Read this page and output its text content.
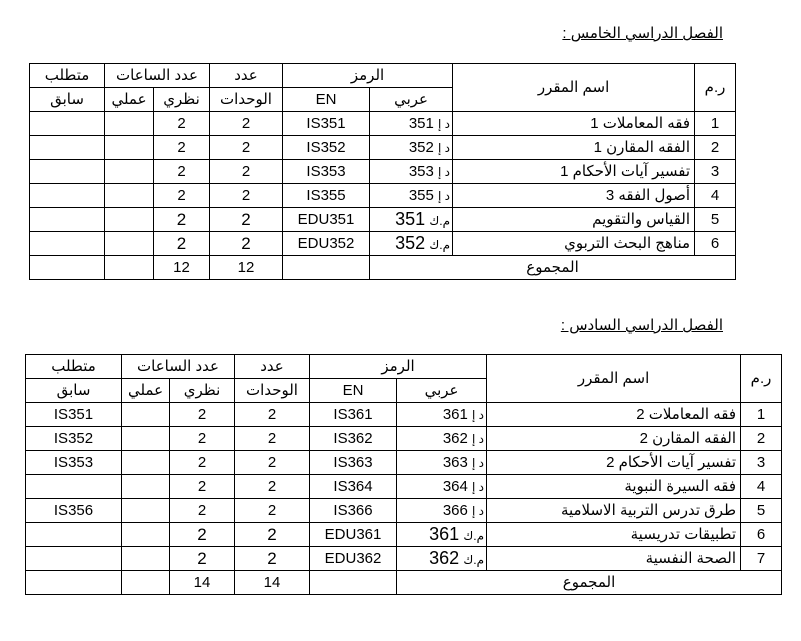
الفصل الدراسي الخامس :
ر.م	اسم المقرر	الرمز		عدد	عدد الساعات		متطلب
		عربي	EN	الوحدات	نظري	عملي	سابق
1	فقه المعاملات 1	د إ 351	IS351	2	2		
2	الفقه المقارن 1	د إ 352	IS352	2	2		
3	تفسير آيات الأحكام 1	د إ 353	IS353	2	2		
4	أصول الفقه 3	د إ 355	IS355	2	2		
5	القياس والتقويم	م.ك 351	EDU351	2	2		
6	مناهج البحث التربوي	م.ك 352	EDU352	2	2		
المجموع				12	12		
الفصل الدراسي السادس :
ر.م	اسم المقرر	الرمز		عدد	عدد الساعات		متطلب
		عربي	EN	الوحدات	نظري	عملي	سابق
1	فقه المعاملات 2	د إ 361	IS361	2	2		IS351
2	الفقه المقارن 2	د إ 362	IS362	2	2		IS352
3	تفسير آيات الأحكام 2	د إ 363	IS363	2	2		IS353
4	فقه السيرة النبوية	د إ 364	IS364	2	2		
5	طرق تدرس التربية الاسلامية	د إ 366	IS366	2	2		IS356
6	تطبيقات تدريسية	م.ك 361	EDU361	2	2		
7	الصحة النفسية	م.ك 362	EDU362	2	2		
المجموع				14	14		
